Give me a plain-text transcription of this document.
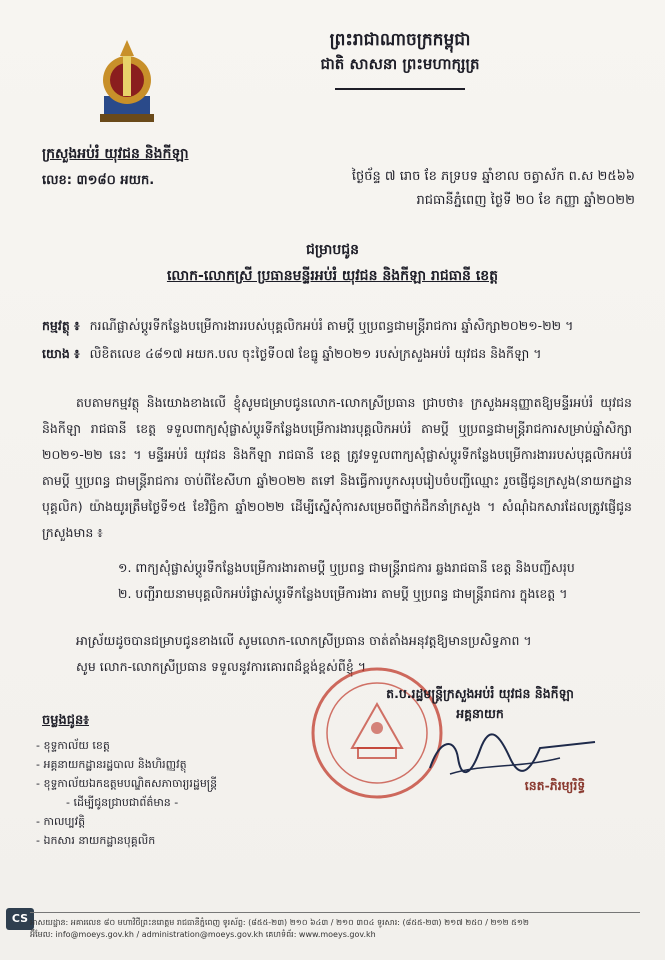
ព្រះរាជាណាចក្រកម្ពុជា
ជាតិ សាសនា ព្រះមហាក្សត្រ
ក្រសួងអប់រំ យុវជន និងកីឡា
លេខ: ៣១៨០ អយក. ​​	ថ្ងៃច័ន្ទ ៧ រោច ខែ ភទ្របទ ឆ្នាំខាល ចត្វាស័ក ព.ស ២៥៦៦
រាជធានីភ្នំពេញ ថ្ងៃទី ២០ ខែ កញ្ញា ឆ្នាំ២០២២
ជម្រាបជូន
លោក-លោកស្រី ប្រធានមន្ទីរអប់រំ យុវជន និងកីឡា រាជធានី ខេត្ត
កម្មវត្ថុ ៖ ករណីផ្លាស់ប្តូរទីកន្លែងបម្រើការងាររបស់បុគ្គលិកអប់រំ តាមប្តី ឬប្រពន្ធជាមន្ត្រីរាជការ ឆ្នាំសិក្សា២០២១-២២ ។
យោង ៖ លិខិតលេខ ៤៨១៧ អយក.បល ចុះថ្ងៃទី០៧ ខែធ្នូ ឆ្នាំ២០២១ របស់ក្រសួងអប់រំ យុវជន និងកីឡា ។

តបតាមកម្មវត្ថុ និងយោងខាងលើ ខ្ញុំសូមជម្រាបជូនលោក-លោកស្រីប្រធាន ជ្រាបថា៖ ក្រសួងអនុញ្ញាតឱ្យមន្ទីរអប់រំ យុវជន និងកីឡា រាជធានី ខេត្ត ទទួលពាក្យសុំផ្លាស់ប្តូរទីកន្លែងបម្រើការងារបុគ្គលិកអប់រំ តាមប្តី ឬប្រពន្ធជាមន្ត្រីរាជការសម្រាប់ឆ្នាំសិក្សា ២០២១-២២ នេះ ។ មន្ទីរអប់រំ យុវជន និងកីឡា រាជធានី ខេត្ត ត្រូវទទួលពាក្យសុំផ្លាស់ប្តូរទីកន្លែងបម្រើការងាររបស់បុគ្គលិកអប់រំ តាមប្តី ឬប្រពន្ធ ជាមន្ត្រីរាជការ ចាប់ពីខែសីហា ឆ្នាំ២០២២ តទៅ និងធ្វើការបូកសរុបរៀបចំបញ្ជីឈ្មោះ រួចផ្ញើជូនក្រសួង(នាយកដ្ឋានបុគ្គលិក) យ៉ាងយូរត្រឹមថ្ងៃទី១៥ ខែវិច្ឆិកា ឆ្នាំ២០២២ ដើម្បីស្នើសុំការសម្រេចពីថ្នាក់ដឹកនាំក្រសួង ។ សំណុំឯកសារដែលត្រូវផ្ញើជូនក្រសួងមាន ៖

១. ពាក្យសុំផ្លាស់ប្តូរទីកន្លែងបម្រើការងារតាមប្តី ឬប្រពន្ធ ជាមន្ត្រីរាជការ ឆ្លងរាជធានី ខេត្ត និងបញ្ជីសរុប
២. បញ្ជីរាយនាមបុគ្គលិកអប់រំផ្លាស់ប្តូរទីកន្លែងបម្រើការងារ តាមប្តី ឬប្រពន្ធ ជាមន្ត្រីរាជការ ក្នុងខេត្ត ។

អាស្រ័យដូចបានជម្រាបជូនខាងលើ សូមលោក-លោកស្រីប្រធាន ចាត់តាំងអនុវត្តឱ្យមានប្រសិទ្ធភាព ។

សូម លោក-លោកស្រីប្រធាន ទទួលនូវការគោរពដ៏ខ្ពង់ខ្ពស់ពីខ្ញុំ ។

ត.ប.រដ្ឋមន្ត្រីក្រសួងអប់រំ យុវជន និងកីឡា
អគ្គនាយក
នេត-ភិរម្យរិទ្ធិ
ចម្លងជូន៖
- ខុទ្ទកាល័យ ខេត្ត
- អគ្គនាយកដ្ឋានរដ្ឋបាល និងហិរញ្ញវត្ថុ
- ខុទ្ទកាល័យឯកឧត្តមបណ្ឌិតសភាចារ្យរដ្ឋមន្ត្រី
- ដើម្បីជូនជ្រាបជាព័ត៌មាន -
- កាលប្បវត្តិ
- ឯកសារ នាយកដ្ឋានបុគ្គលិក
CS អាសយដ្ឋាន: អគារលេខ ៨០ មហាវិថីព្រះនរោត្តម រាជធានីភ្នំពេញ ទូរស័ព្ទ: (៨៥៥-២៣) ២១០ ៦៤៣ / ២១០ ៣០៤ ទូរសារ: (៨៥៥-២៣) ២១៧ ២៥០ / ២១២ ៥១២
អ៊ីមែល: info@moeys.gov.kh / administration@moeys.gov.kh គេហទំព័រ: www.moeys.gov.kh
